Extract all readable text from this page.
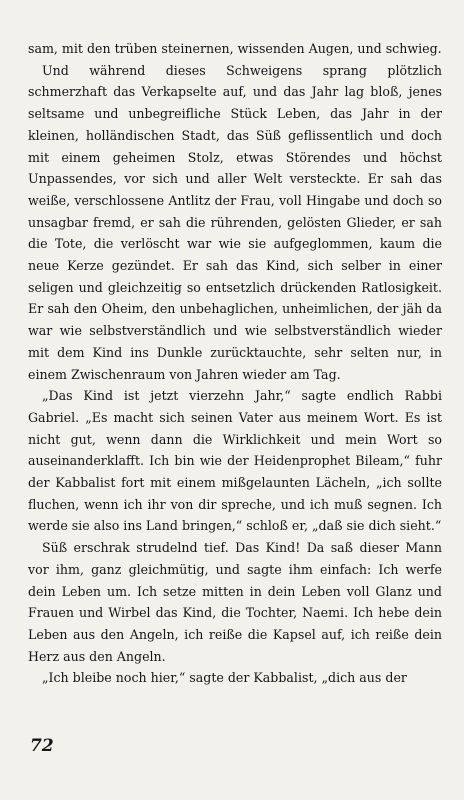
sam, mit den trüben steinernen, wissenden Augen, und schwieg.

Und während dieses Schweigens sprang plötzlich schmerzhaft das Verkapselte auf, und das Jahr lag bloß, jenes seltsame und unbegreifliche Stück Leben, das Jahr in der kleinen, holländischen Stadt, das Süß geflissentlich und doch mit einem geheimen Stolz, etwas Störendes und höchst Unpassendes, vor sich und aller Welt versteckte. Er sah das weiße, verschlossene Antlitz der Frau, voll Hingabe und doch so unsagbar fremd, er sah die rührenden, gelösten Glieder, er sah die Tote, die verlöscht war wie sie aufgeglommen, kaum die neue Kerze gezündet. Er sah das Kind, sich selber in einer seligen und gleichzeitig so entsetzlich drückenden Ratlosigkeit. Er sah den Oheim, den unbehaglichen, unheimlichen, der jäh da war wie selbstverständlich und wie selbstverständlich wieder mit dem Kind ins Dunkle zurücktauchte, sehr selten nur, in einem Zwischenraum von Jahren wieder am Tag.

„Das Kind ist jetzt vierzehn Jahr,“ sagte endlich Rabbi Gabriel. „Es macht sich seinen Vater aus meinem Wort. Es ist nicht gut, wenn dann die Wirklichkeit und mein Wort so auseinanderklafft. Ich bin wie der Heidenprophet Bileam,“ fuhr der Kabbalist fort mit einem mißgelaunten Lächeln, „ich sollte fluchen, wenn ich ihr von dir spreche, und ich muß segnen. Ich werde sie also ins Land bringen,“ schloß er, „daß sie dich sieht.“

Süß erschrak strudelnd tief. Das Kind! Da saß dieser Mann vor ihm, ganz gleichmütig, und sagte ihm einfach: Ich werfe dein Leben um. Ich setze mitten in dein Leben voll Glanz und Frauen und Wirbel das Kind, die Tochter, Naemi. Ich hebe dein Leben aus den Angeln, ich reiße die Kapsel auf, ich reiße dein Herz aus den Angeln.

„Ich bleibe noch hier,“ sagte der Kabbalist, „dich aus der

72
